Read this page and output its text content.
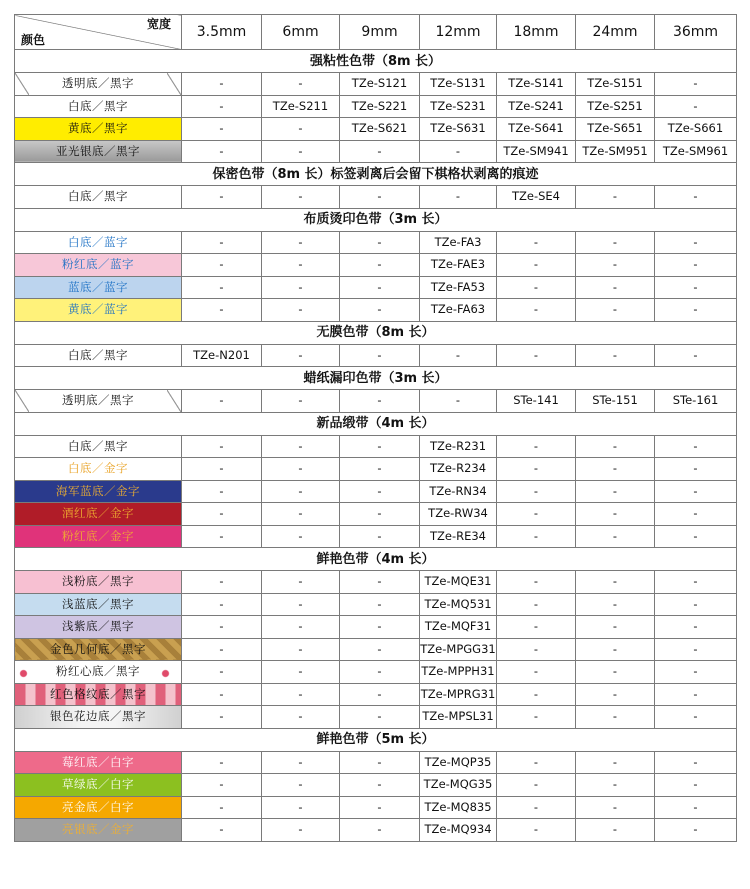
宽度
颜色	3.5mm	6mm	9mm	12mm	18mm	24mm	36mm
强粘性色带（8m 长）							
透明底／黑字	-	-	TZe-S121	TZe-S131	TZe-S141	TZe-S151	-
白底／黑字	-	TZe-S211	TZe-S221	TZe-S231	TZe-S241	TZe-S251	-
黄底／黑字	-	-	TZe-S621	TZe-S631	TZe-S641	TZe-S651	TZe-S661
亚光银底／黑字	-	-	-	-	TZe-SM941	TZe-SM951	TZe-SM961
保密色带（8m 长）标签剥离后会留下棋格状剥离的痕迹							
白底／黑字	-	-	-	-	TZe-SE4	-	-
布质烫印色带（3m 长）							
白底／蓝字	-	-	-	TZe-FA3	-	-	-
粉红底／蓝字	-	-	-	TZe-FAE3	-	-	-
蓝底／蓝字	-	-	-	TZe-FA53	-	-	-
黄底／蓝字	-	-	-	TZe-FA63	-	-	-
无膜色带（8m 长）							
白底／黑字	TZe-N201	-	-	-	-	-	-
蜡纸漏印色带（3m 长）							
透明底／黑字	-	-	-	-	STe-141	STe-151	STe-161
新品缎带（4m 长）							
白底／黑字	-	-	-	TZe-R231	-	-	-
白底／金字	-	-	-	TZe-R234	-	-	-
海军蓝底／金字	-	-	-	TZe-RN34	-	-	-
酒红底／金字	-	-	-	TZe-RW34	-	-	-
粉红底／金字	-	-	-	TZe-RE34	-	-	-
鲜艳色带（4m 长）							
浅粉底／黑字	-	-	-	TZe-MQE31	-	-	-
浅蓝底／黑字	-	-	-	TZe-MQ531	-	-	-
浅紫底／黑字	-	-	-	TZe-MQF31	-	-	-
金色几何底／黑字	-	-	-	TZe-MPGG31	-	-	-
粉红心底／黑字	-	-	-	TZe-MPPH31	-	-	-
红色格纹底／黑字	-	-	-	TZe-MPRG31	-	-	-
银色花边底／黑字	-	-	-	TZe-MPSL31	-	-	-
鲜艳色带（5m 长）							
莓红底／白字	-	-	-	TZe-MQP35	-	-	-
草绿底／白字	-	-	-	TZe-MQG35	-	-	-
亮金底／白字	-	-	-	TZe-MQ835	-	-	-
亮银底／金字	-	-	-	TZe-MQ934	-	-	-
